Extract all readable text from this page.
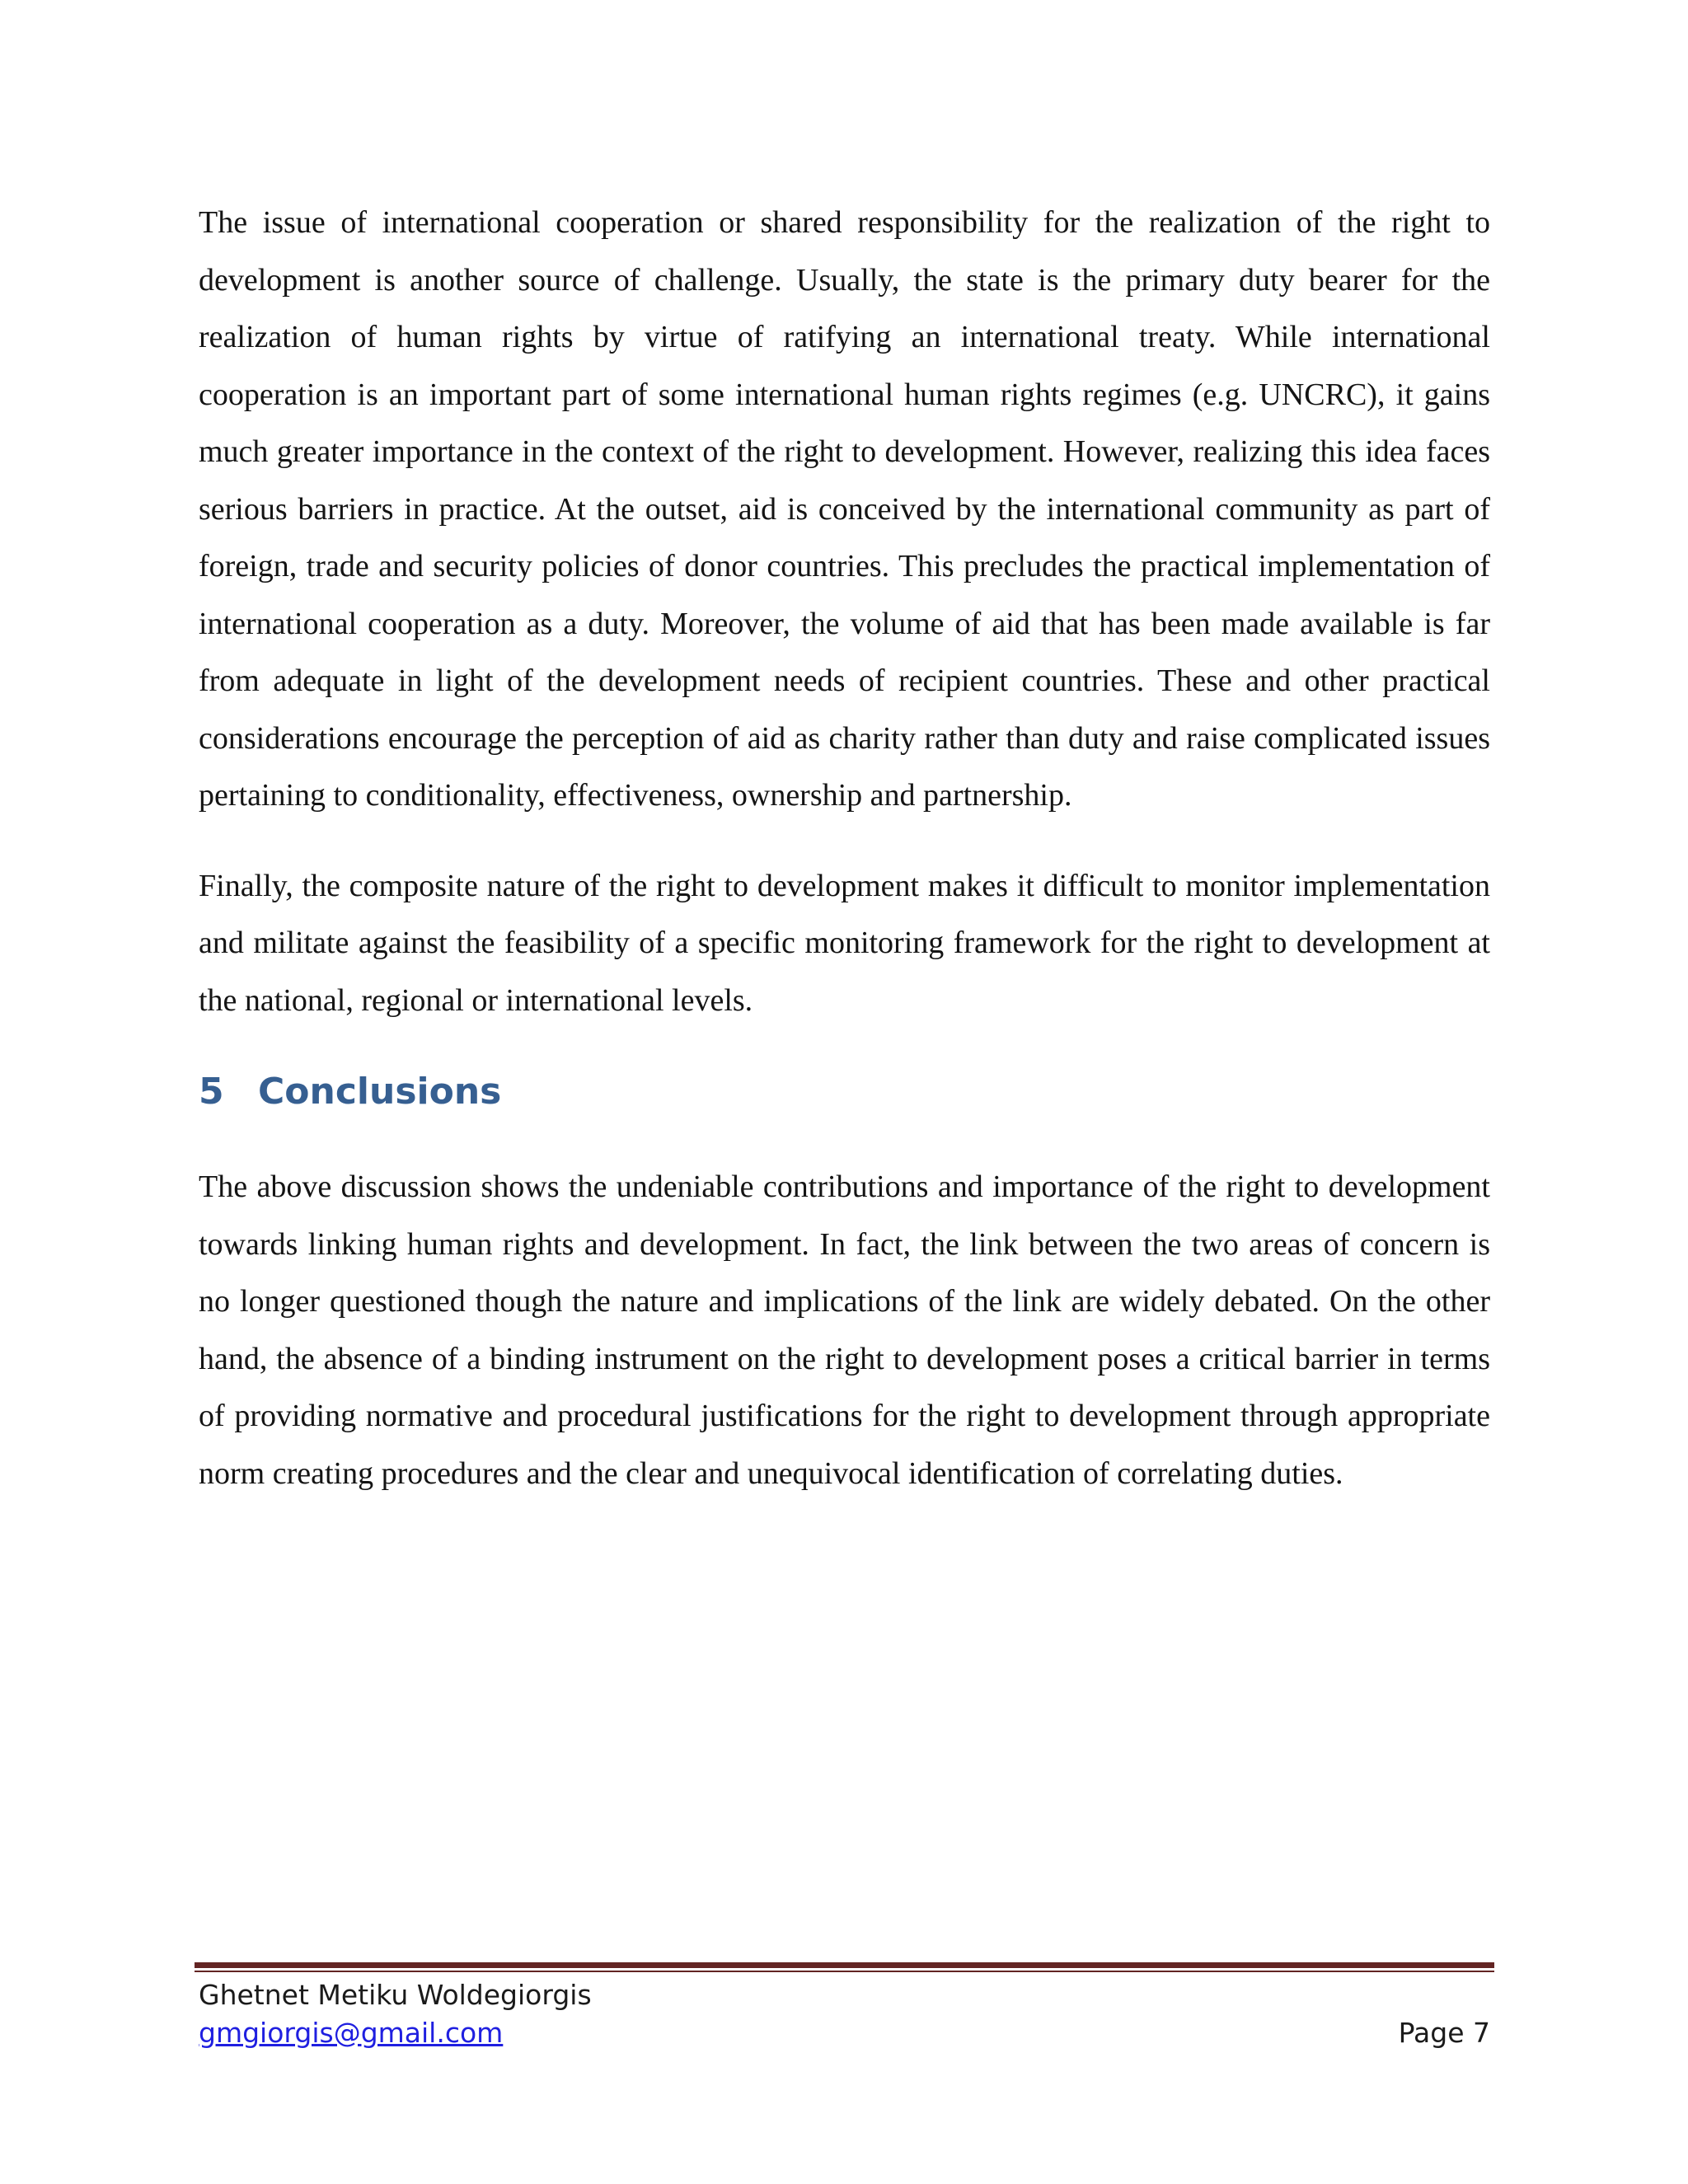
The issue of international cooperation or shared responsibility for the realization of the right to development is another source of challenge. Usually, the state is the primary duty bearer for the realization of human rights by virtue of ratifying an international treaty. While international cooperation is an important part of some international human rights regimes (e.g. UNCRC), it gains much greater importance in the context of the right to development. However, realizing this idea faces serious barriers in practice. At the outset, aid is conceived by the international community as part of foreign, trade and security policies of donor countries. This precludes the practical implementation of international cooperation as a duty. Moreover, the volume of aid that has been made available is far from adequate in light of the development needs of recipient countries. These and other practical considerations encourage the perception of aid as charity rather than duty and raise complicated issues pertaining to conditionality, effectiveness, ownership and partnership.

Finally, the composite nature of the right to development makes it difficult to monitor implementation and militate against the feasibility of a specific monitoring framework for the right to development at the national, regional or international levels.

5 Conclusions

The above discussion shows the undeniable contributions and importance of the right to development towards linking human rights and development. In fact, the link between the two areas of concern is no longer questioned though the nature and implications of the link are widely debated. On the other hand, the absence of a binding instrument on the right to development poses a critical barrier in terms of providing normative and procedural justifications for the right to development through appropriate norm creating procedures and the clear and unequivocal identification of correlating duties.

Ghetnet Metiku Woldegiorgis
gmgiorgis@gmail.com	Page 7
